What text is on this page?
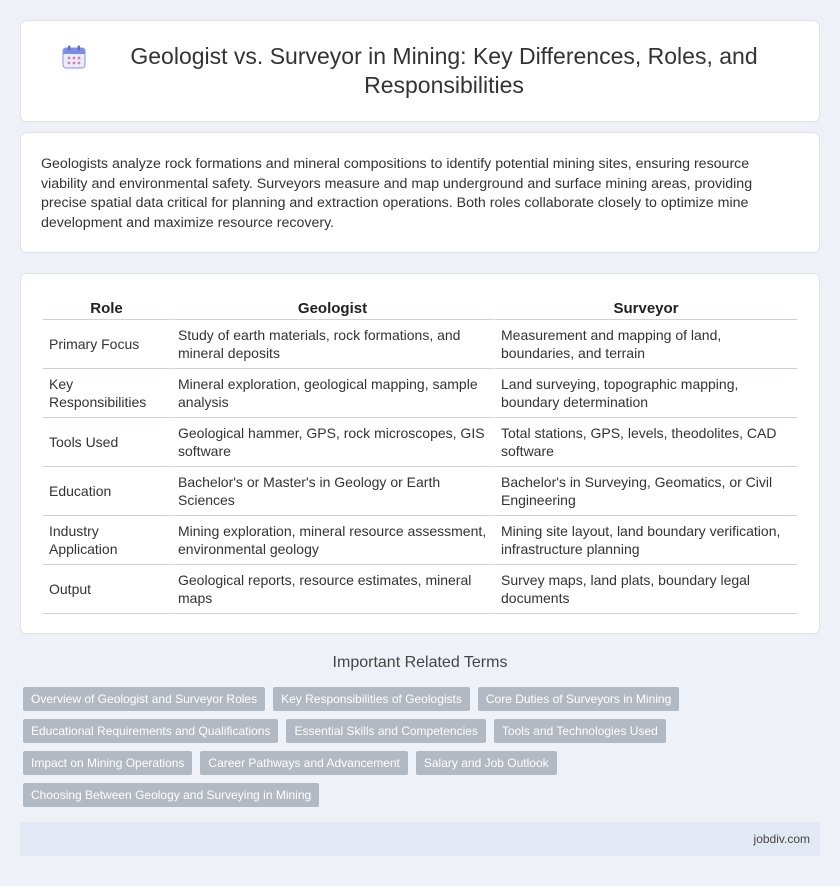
Geologist vs. Surveyor in Mining: Key Differences, Roles, and Responsibilities

Geologists analyze rock formations and mineral compositions to identify potential mining sites, ensuring resource viability and environmental safety. Surveyors measure and map underground and surface mining areas, providing precise spatial data critical for planning and extraction operations. Both roles collaborate closely to optimize mine development and maximize resource recovery.

Role	Geologist	Surveyor
Primary Focus	Study of earth materials, rock formations, and mineral deposits	Measurement and mapping of land, boundaries, and terrain
Key Responsibilities	Mineral exploration, geological mapping, sample analysis	Land surveying, topographic mapping, boundary determination
Tools Used	Geological hammer, GPS, rock microscopes, GIS software	Total stations, GPS, levels, theodolites, CAD software
Education	Bachelor's or Master's in Geology or Earth Sciences	Bachelor's in Surveying, Geomatics, or Civil Engineering
Industry Application	Mining exploration, mineral resource assessment, environmental geology	Mining site layout, land boundary verification, infrastructure planning
Output	Geological reports, resource estimates, mineral maps	Survey maps, land plats, boundary legal documents
Important Related Terms
Overview of Geologist and Surveyor Roles	Key Responsibilities of Geologists	Core Duties of Surveyors in Mining
Educational Requirements and Qualifications	Essential Skills and Competencies	Tools and Technologies Used
Impact on Mining Operations	Career Pathways and Advancement	Salary and Job Outlook
Choosing Between Geology and Surveying in Mining
jobdiv.com
